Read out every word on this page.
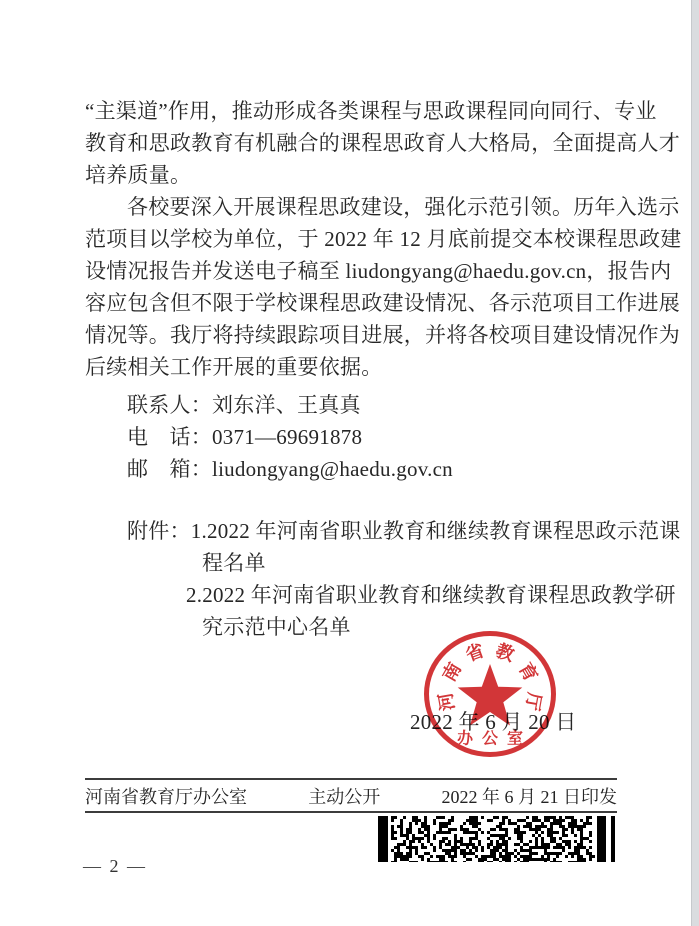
“主渠道”作用，推动形成各类课程与思政课程同向同行、专业
教育和思政教育有机融合的课程思政育人大格局，全面提高人才
培养质量。
各校要深入开展课程思政建设，强化示范引领。历年入选示
范项目以学校为单位，于 2022 年 12 月底前提交本校课程思政建
设情况报告并发送电子稿至 liudongyang@haedu.gov.cn，报告内
容应包含但不限于学校课程思政建设情况、各示范项目工作进展
情况等。我厅将持续跟踪项目进展，并将各校项目建设情况作为
后续相关工作开展的重要依据。
联系人：刘东洋、王真真
电　话：0371—69691878
邮　箱：liudongyang@haedu.gov.cn
附件：1.2022 年河南省职业教育和继续教育课程思政示范课
程名单
2.2022 年河南省职业教育和继续教育课程思政教学研
究示范中心名单
2022 年 6 月 20 日
河
南
省 教
育
厅
办公室
河南省教育厅办公室	主动公开	2022 年 6 月 21 日印发
— 2 —
